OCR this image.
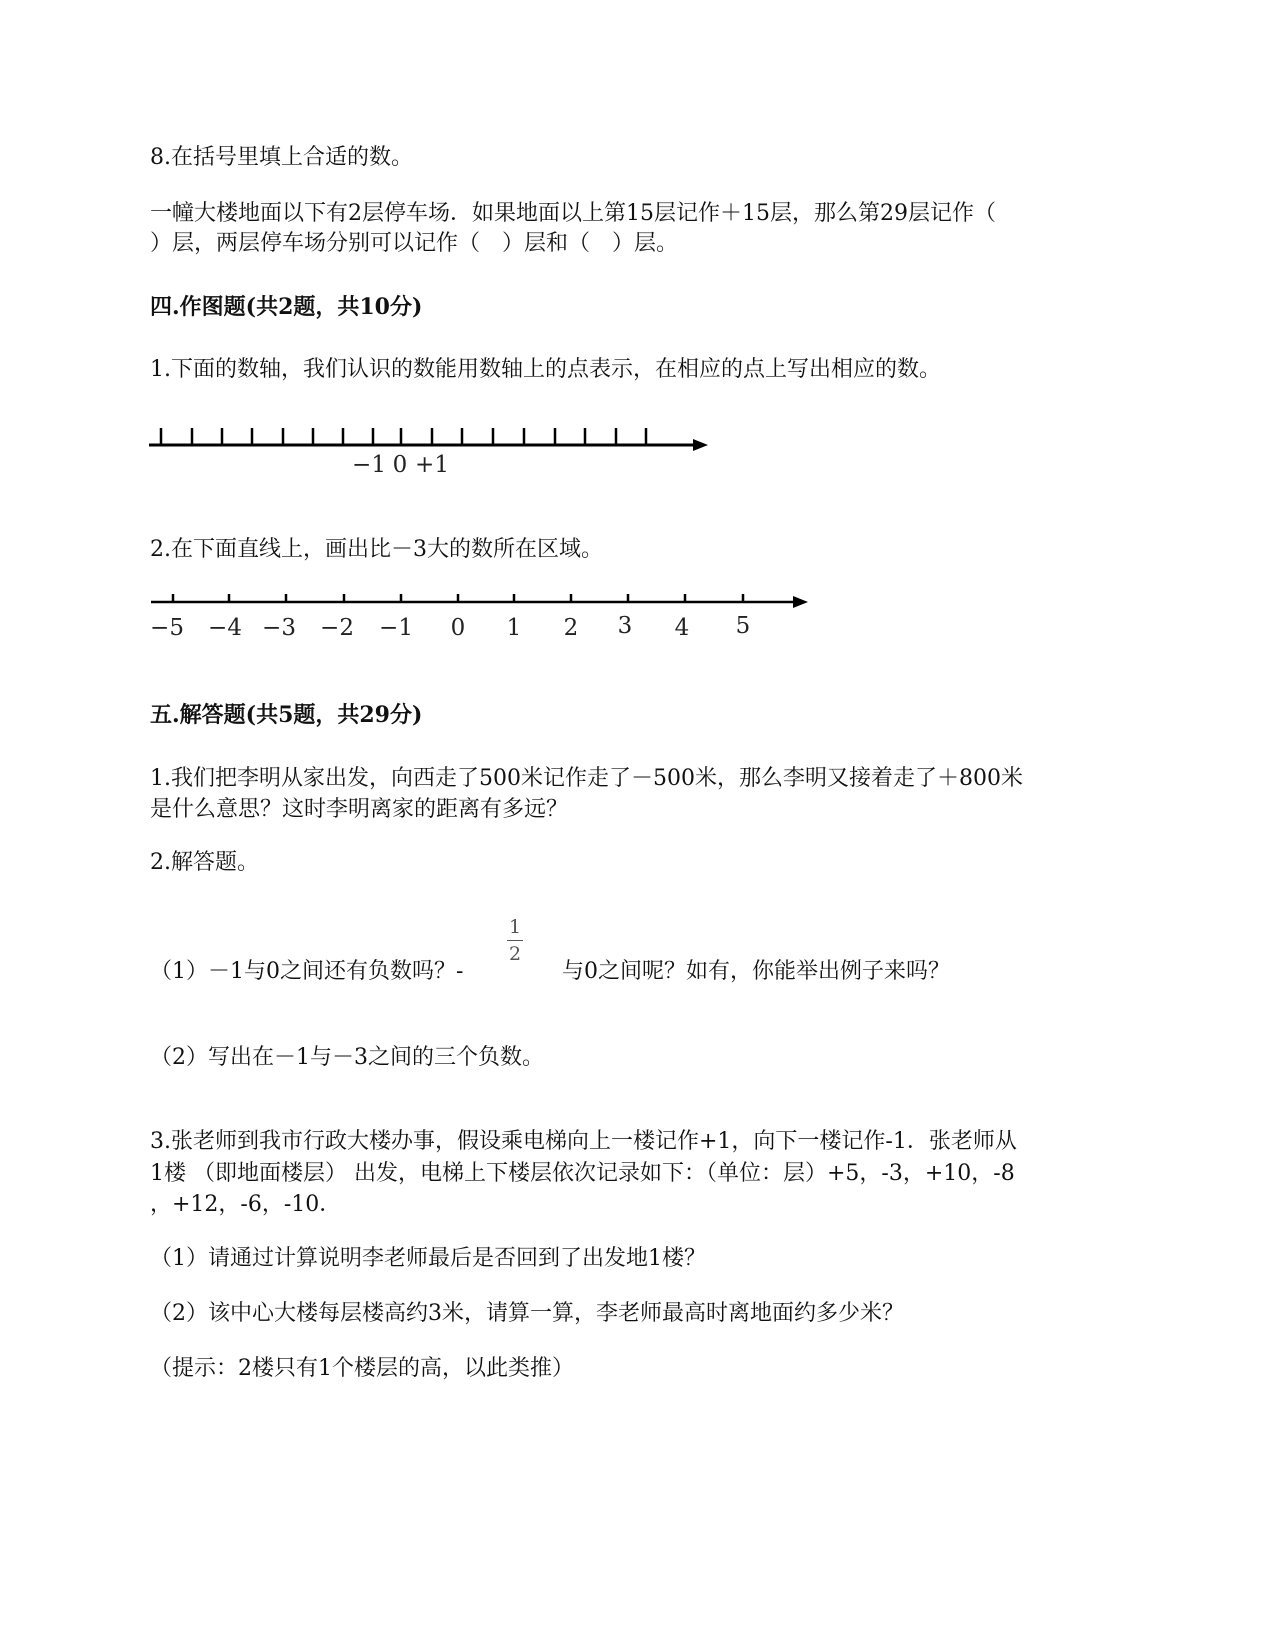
8.在括号里填上合适的数。

一幢大楼地面以下有2层停车场．如果地面以上第15层记作＋15层，那么第29层记作（

）层，两层停车场分别可以记作（　）层和（　）层。

四.作图题(共2题，共10分)

1.下面的数轴，我们认识的数能用数轴上的点表示，在相应的点上写出相应的数。

−1 0 +1

2.在下面直线上，画出比－3大的数所在区域。

−5 −4 −3 −2 −1 0 1 2 3 4 5

五.解答题(共5题，共29分)

1.我们把李明从家出发，向西走了500米记作走了－500米，那么李明又接着走了＋800米

是什么意思？这时李明离家的距离有多远？

2.解答题。

（1）－1与0之间还有负数吗？-

1
2

与0之间呢？如有，你能举出例子来吗？

（2）写出在－1与－3之间的三个负数。

3.张老师到我市行政大楼办事，假设乘电梯向上一楼记作+1，向下一楼记作-1．张老师从

1楼 （即地面楼层） 出发，电梯上下楼层依次记录如下：（单位：层）+5，-3，+10，-8

，+12，-6，-10．

（1）请通过计算说明李老师最后是否回到了出发地1楼？

（2）该中心大楼每层楼高约3米，请算一算，李老师最高时离地面约多少米？

（提示：2楼只有1个楼层的高，以此类推）
